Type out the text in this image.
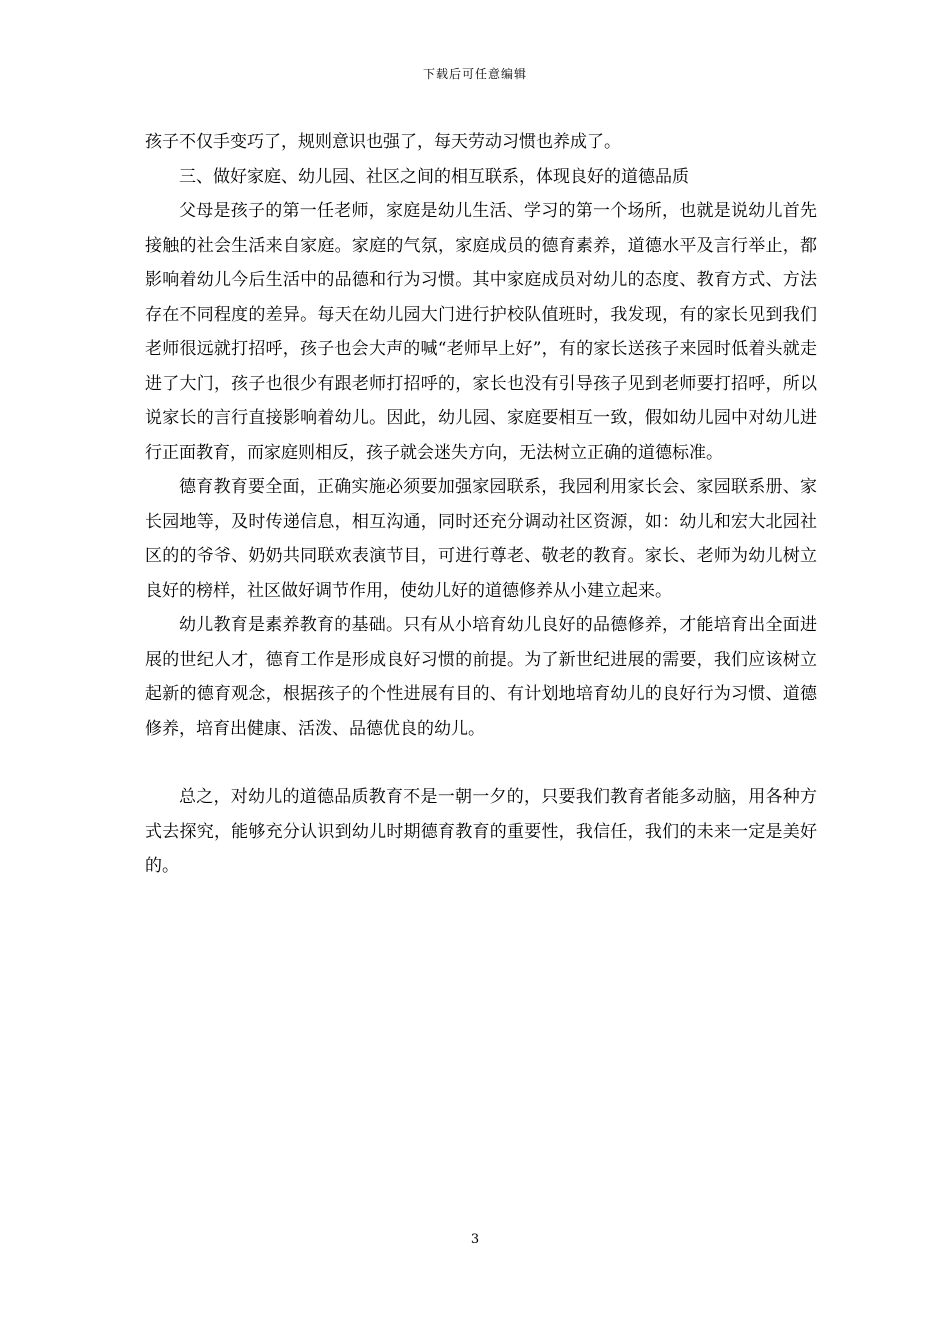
下载后可任意编辑

孩子不仅手变巧了，规则意识也强了，每天劳动习惯也养成了。

三、做好家庭、幼儿园、社区之间的相互联系，体现良好的道德品质

父母是孩子的第一任老师，家庭是幼儿生活、学习的第一个场所，也就是说幼儿首先接触的社会生活来自家庭。家庭的气氛，家庭成员的德育素养，道德水平及言行举止，都影响着幼儿今后生活中的品德和行为习惯。其中家庭成员对幼儿的态度、教育方式、方法存在不同程度的差异。每天在幼儿园大门进行护校队值班时，我发现，有的家长见到我们老师很远就打招呼，孩子也会大声的喊“老师早上好”，有的家长送孩子来园时低着头就走进了大门，孩子也很少有跟老师打招呼的，家长也没有引导孩子见到老师要打招呼，所以说家长的言行直接影响着幼儿。因此，幼儿园、家庭要相互一致，假如幼儿园中对幼儿进行正面教育，而家庭则相反，孩子就会迷失方向，无法树立正确的道德标准。

德育教育要全面，正确实施必须要加强家园联系，我园利用家长会、家园联系册、家长园地等，及时传递信息，相互沟通，同时还充分调动社区资源，如：幼儿和宏大北园社区的的爷爷、奶奶共同联欢表演节目，可进行尊老、敬老的教育。家长、老师为幼儿树立良好的榜样，社区做好调节作用，使幼儿好的道德修养从小建立起来。

幼儿教育是素养教育的基础。只有从小培育幼儿良好的品德修养，才能培育出全面进展的世纪人才，德育工作是形成良好习惯的前提。为了新世纪进展的需要，我们应该树立起新的德育观念，根据孩子的个性进展有目的、有计划地培育幼儿的良好行为习惯、道德修养，培育出健康、活泼、品德优良的幼儿。

总之，对幼儿的道德品质教育不是一朝一夕的，只要我们教育者能多动脑，用各种方式去探究，能够充分认识到幼儿时期德育教育的重要性，我信任，我们的未来一定是美好的。

3
